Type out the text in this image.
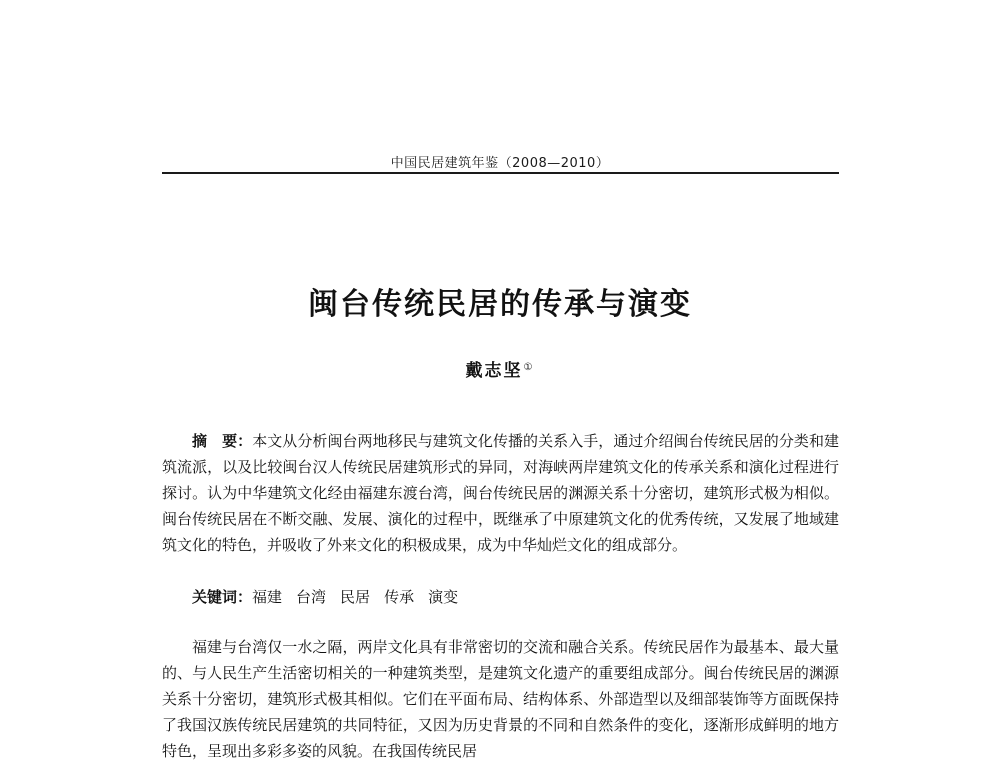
中国民居建筑年鉴（2008—2010）
闽台传统民居的传承与演变
戴志坚①
摘　要：本文从分析闽台两地移民与建筑文化传播的关系入手，通过介绍闽台传统民居的分类和建筑流派，以及比较闽台汉人传统民居建筑形式的异同，对海峡两岸建筑文化的传承关系和演化过程进行探讨。认为中华建筑文化经由福建东渡台湾，闽台传统民居的渊源关系十分密切，建筑形式极为相似。闽台传统民居在不断交融、发展、演化的过程中，既继承了中原建筑文化的优秀传统，又发展了地域建筑文化的特色，并吸收了外来文化的积极成果，成为中华灿烂文化的组成部分。
关键词：福建 台湾 民居 传承 演变
福建与台湾仅一水之隔，两岸文化具有非常密切的交流和融合关系。传统民居作为最基本、最大量的、与人民生产生活密切相关的一种建筑类型，是建筑文化遗产的重要组成部分。闽台传统民居的渊源关系十分密切，建筑形式极其相似。它们在平面布局、结构体系、外部造型以及细部装饰等方面既保持了我国汉族传统民居建筑的共同特征，又因为历史背景的不同和自然条件的变化，逐渐形成鲜明的地方特色，呈现出多彩多姿的风貌。在我国传统民居
